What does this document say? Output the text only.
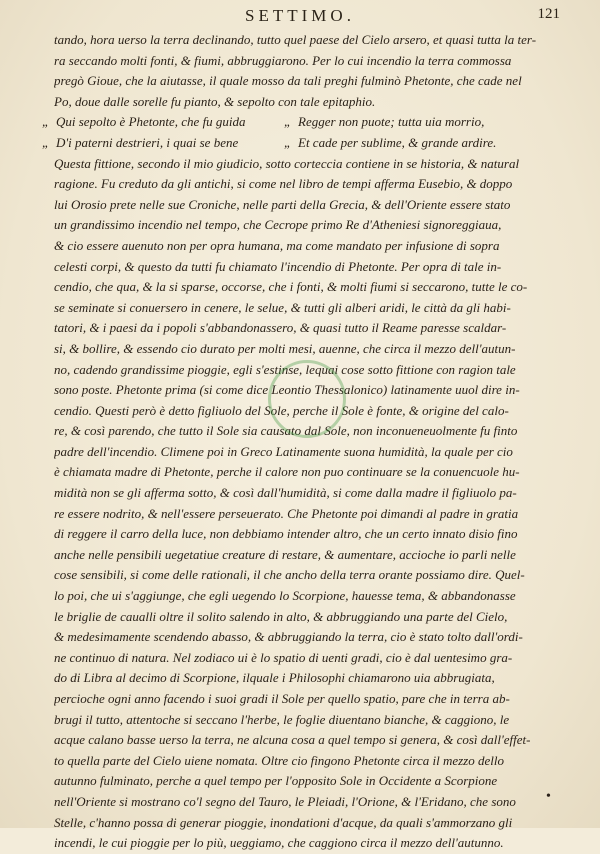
SETTIMO.	121
tando, hora uerso la terra declinando, tutto quel paese del Cielo arsero, et quasi tutta la ter-
ra seccando molti fonti, & fiumi, abbruggiarono. Per lo cui incendio la terra commossa
pregò Gioue, che la aiutasse, il quale mosso da tali preghi fulminò Phetonte, che cade nel
Po, doue dalle sorelle fu pianto, & sepolto con tale epitaphio.
„ Qui sepolto è Phetonte, che fu guida	„ Regger non puote; tutta uia morrio,
„ D'i paterni destrieri, i quai se bene	„ Et cade per sublime, & grande ardire.
Questa fittione, secondo il mio giudicio, sotto corteccia contiene in se historia, & natural
ragione. Fu creduto da gli antichi, si come nel libro de tempi afferma Eusebio, & doppo
lui Orosio prete nelle sue Croniche, nelle parti della Grecia, & dell'Oriente essere stato
un grandissimo incendio nel tempo, che Cecrope primo Re d'Atheniesi signoreggiaua,
& cio essere auenuto non per opra humana, ma come mandato per infusione di sopra
celesti corpi, & questo da tutti fu chiamato l'incendio di Phetonte. Per opra di tale in-
cendio, che qua, & la si sparse, occorse, che i fonti, & molti fiumi si seccarono, tutte le co-
se seminate si conuersero in cenere, le selue, & tutti gli alberi aridi, le città da gli habi-
tatori, & i paesi da i popoli s'abbandonassero, & quasi tutto il Reame paresse scaldar-
si, & bollire, & essendo cio durato per molti mesi, auenne, che circa il mezzo dell'autun-
no, cadendo grandissime pioggie, egli s'estinse, lequai cose sotto fittione con ragion tale
sono poste. Phetonte prima (si come dice Leontio Thessalonico) latinamente uuol dire in-
cendio. Questi però è detto figliuolo del Sole, perche il Sole è fonte, & origine del calo-
re, & così parendo, che tutto il Sole sia causato dal Sole, non inconueneuolmente fu finto
padre dell'incendio. Climene poi in Greco Latinamente suona humidità, la quale per cio
è chiamata madre di Phetonte, perche il calore non puo continuare se la conuencuole hu-
midità non se gli afferma sotto, & così dall'humidità, si come dalla madre il figliuolo pa-
re essere nodrito, & nell'essere perseuerato. Che Phetonte poi dimandi al padre in gratia
di reggere il carro della luce, non debbiamo intender altro, che un certo innato disio fino
anche nelle pensibili uegetatiue creature di restare, & aumentare, accioche io parli nelle
cose sensibili, si come delle rationali, il che ancho della terra orante possiamo dire. Quel-
lo poi, che ui s'aggiunge, che egli uegendo lo Scorpione, hauesse tema, & abbandonasse
le briglie de caualli oltre il solito salendo in alto, & abbruggiando una parte del Cielo,
& medesimamente scendendo abasso, & abbruggiando la terra, cio è stato tolto dall'ordi-
ne continuo di natura. Nel zodiaco ui è lo spatio di uenti gradi, cio è dal uentesimo gra-
do di Libra al decimo di Scorpione, ilquale i Philosophi chiamarono uia abbrugiata,
percioche ogni anno facendo i suoi gradi il Sole per quello spatio, pare che in terra ab-
brugi il tutto, attentoche si seccano l'herbe, le foglie diuentano bianche, & caggiono, le
acque calano basse uerso la terra, ne alcuna cosa a quel tempo si genera, & così dall'effet-
to quella parte del Cielo uiene nomata. Oltre cio fingono Phetonte circa il mezzo dello
autunno fulminato, perche a quel tempo per l'opposito Sole in Occidente a Scorpione
nell'Oriente si mostrano co'l segno del Tauro, le Pleiadi, l'Orione, & l'Eridano, che sono
Stelle, c'hanno possa di generar pioggie, inondationi d'acque, da quali s'ammorzano gli
incendi, le cui pioggie per lo più, ueggiamo, che caggiono circa il mezzo dell'autunno.
•
